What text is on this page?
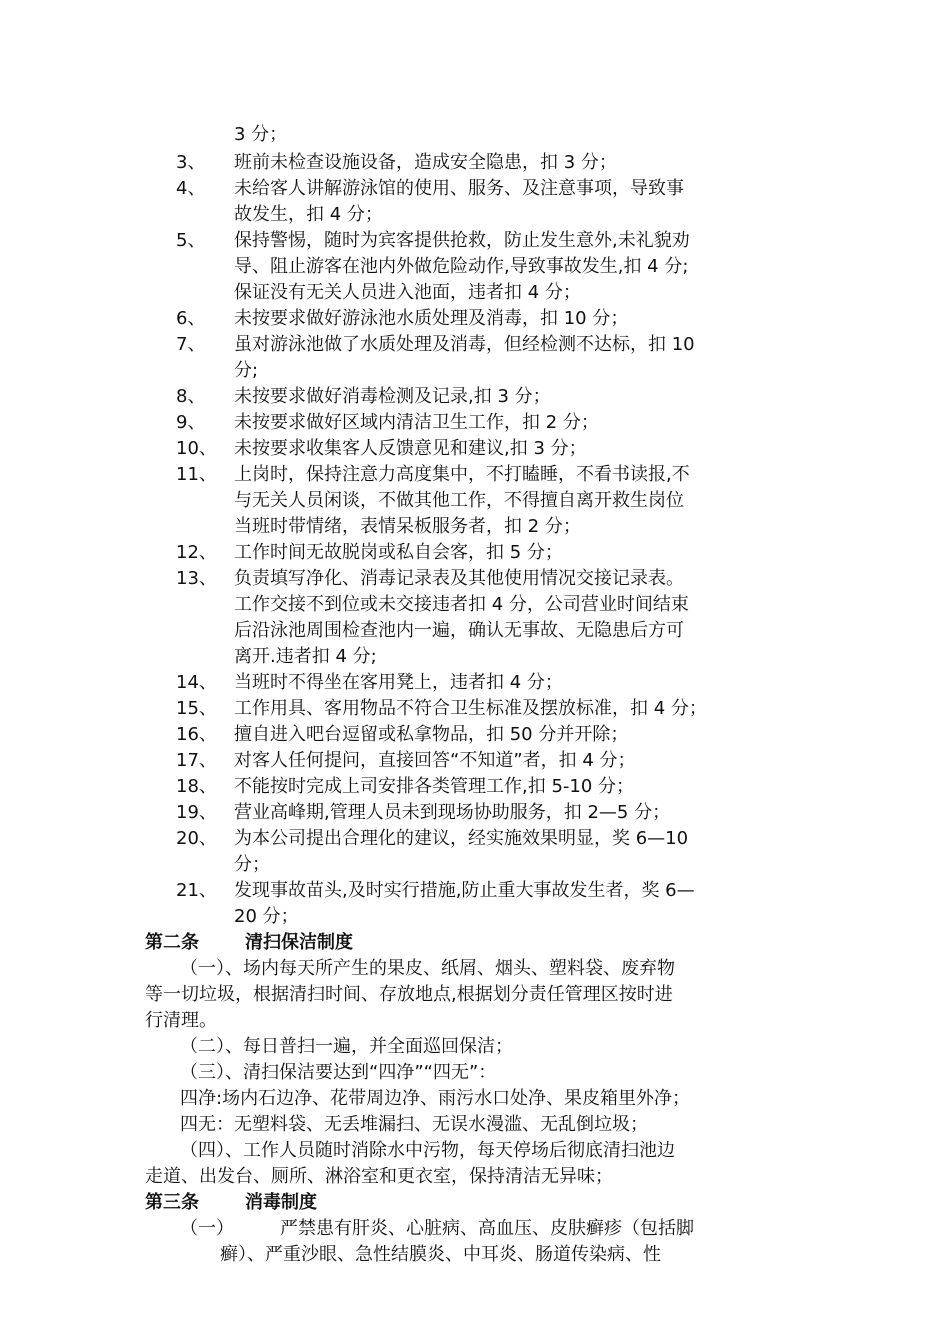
3 分；
3、 班前未检查设施设备，造成安全隐患，扣 3 分；
4、 未给客人讲解游泳馆的使用、服务、及注意事项，导致事
故发生，扣 4 分；
5、 保持警惕，随时为宾客提供抢救，防止发生意外,未礼貌劝
导、阻止游客在池内外做危险动作,导致事故发生,扣 4 分;
保证没有无关人员进入池面，违者扣 4 分；
6、 未按要求做好游泳池水质处理及消毒，扣 10 分；
7、 虽对游泳池做了水质处理及消毒，但经检测不达标，扣 10
分;
8、 未按要求做好消毒检测及记录,扣 3 分；
9、 未按要求做好区域内清洁卫生工作，扣 2 分；
10、 未按要求收集客人反馈意见和建议,扣 3 分；
11、 上岗时，保持注意力高度集中，不打瞌睡，不看书读报,不
与无关人员闲谈，不做其他工作，不得擅自离开救生岗位
当班时带情绪，表情呆板服务者，扣 2 分；
12、 工作时间无故脱岗或私自会客，扣 5 分；
13、 负责填写净化、消毒记录表及其他使用情况交接记录表。
工作交接不到位或未交接违者扣 4 分，公司营业时间结束
后沿泳池周围检查池内一遍，确认无事故、无隐患后方可
离开.违者扣 4 分;
14、 当班时不得坐在客用凳上，违者扣 4 分；
15、 工作用具、客用物品不符合卫生标准及摆放标准，扣 4 分；
16、 擅自进入吧台逗留或私拿物品，扣 50 分并开除；
17、 对客人任何提问，直接回答“不知道”者，扣 4 分；
18、 不能按时完成上司安排各类管理工作,扣 5-10 分；
19、 营业高峰期,管理人员未到现场协助服务，扣 2—5 分；
20、 为本公司提出合理化的建议，经实施效果明显，奖 6—10
分；
21、 发现事故苗头,及时实行措施,防止重大事故发生者，奖 6—
20 分；
第二条	清扫保洁制度
（一）、场内每天所产生的果皮、纸屑、烟头、塑料袋、废弃物
等一切垃圾，根据清扫时间、存放地点,根据划分责任管理区按时进
行清理。
（二）、每日普扫一遍，并全面巡回保洁；
（三）、清扫保洁要达到“四净”“四无”：
四净:场内石边净、花带周边净、雨污水口处净、果皮箱里外净；
四无：无塑料袋、无丢堆漏扫、无误水漫滥、无乱倒垃圾；
（四）、工作人员随时消除水中污物，每天停场后彻底清扫池边
走道、出发台、厕所、淋浴室和更衣室，保持清洁无异味；
第三条	消毒制度
（一）	严禁患有肝炎、心脏病、高血压、皮肤癣疹（包括脚
癣）、严重沙眼、急性结膜炎、中耳炎、肠道传染病、性
